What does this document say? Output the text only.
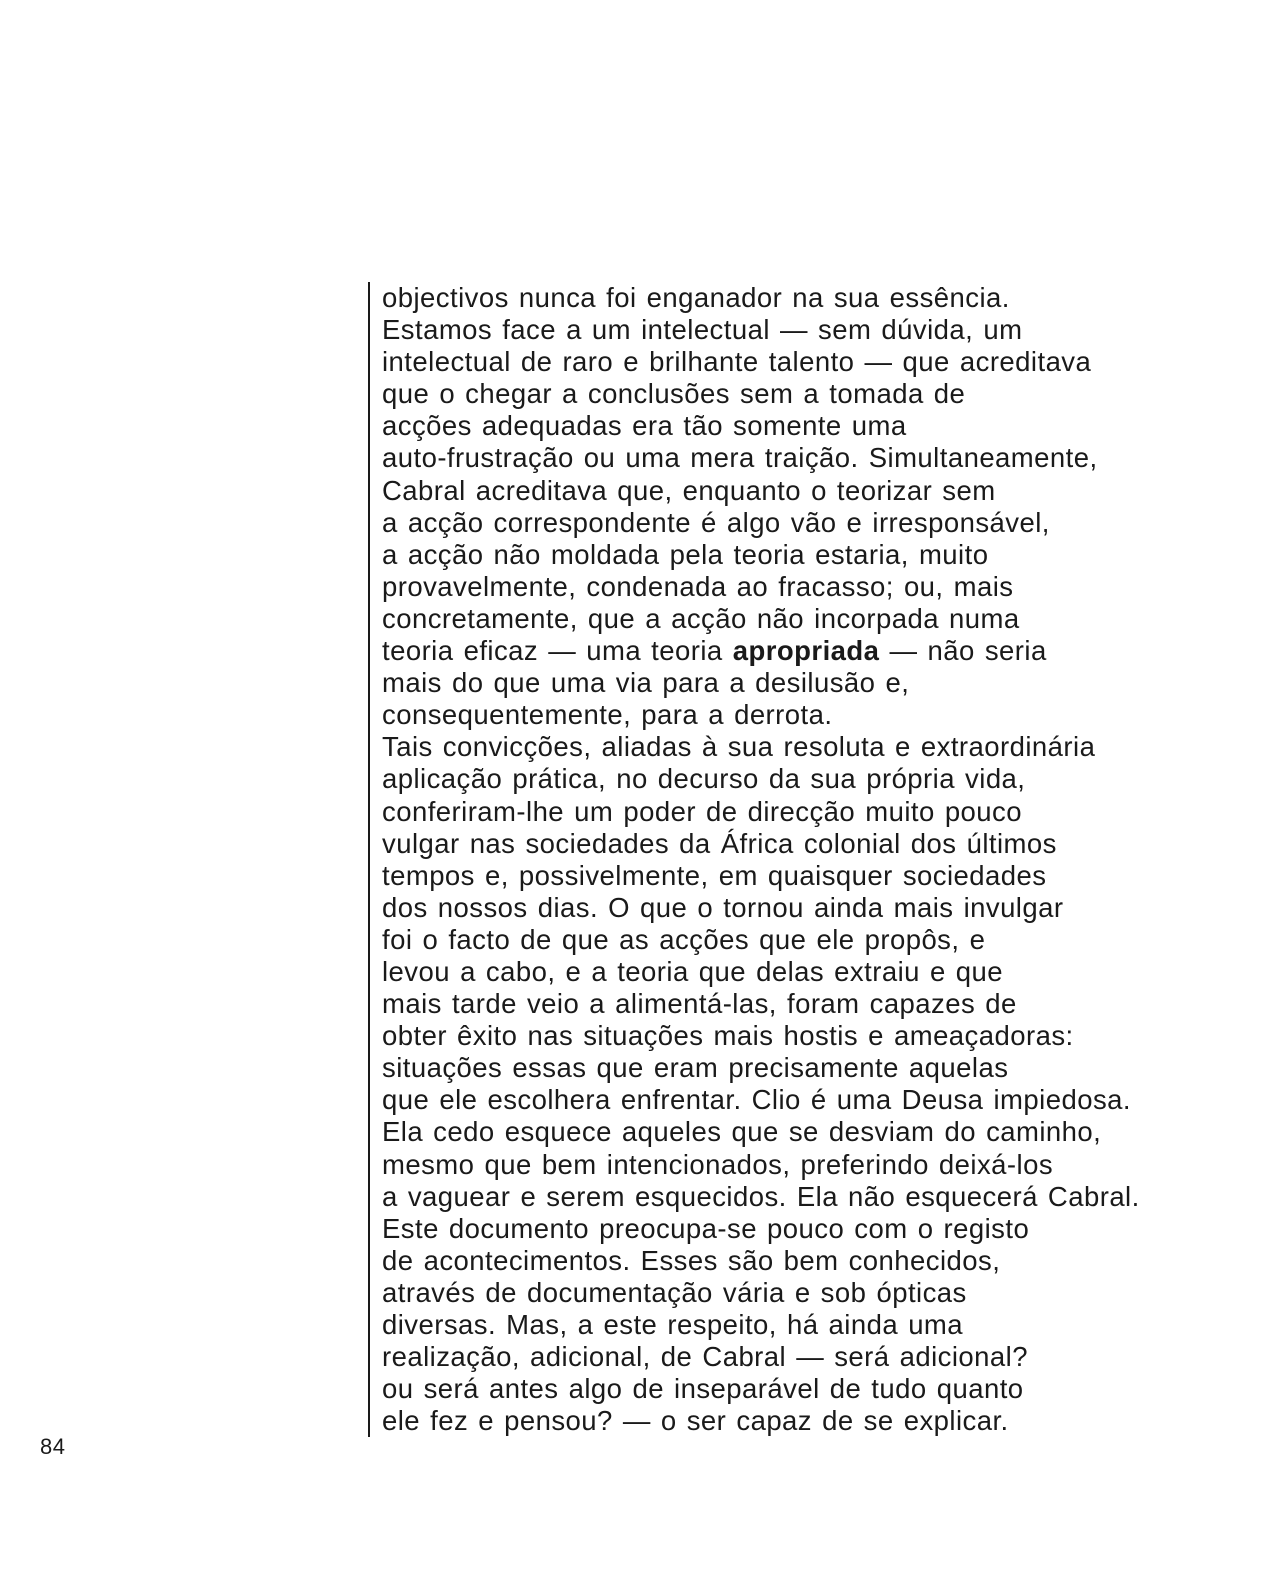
objectivos nunca foi enganador na sua essência.
Estamos face a um intelectual — sem dúvida, um
intelectual de raro e brilhante talento — que acreditava
que o chegar a conclusões sem a tomada de
acções adequadas era tão somente uma
auto-frustração ou uma mera traição. Simultaneamente,
Cabral acreditava que, enquanto o teorizar sem
a acção correspondente é algo vão e irresponsável,
a acção não moldada pela teoria estaria, muito
provavelmente, condenada ao fracasso; ou, mais
concretamente, que a acção não incorpada numa
teoria eficaz — uma teoria apropriada — não seria
mais do que uma via para a desilusão e,
consequentemente, para a derrota.
Tais convicções, aliadas à sua resoluta e extraordinária
aplicação prática, no decurso da sua própria vida,
conferiram-lhe um poder de direcção muito pouco
vulgar nas sociedades da África colonial dos últimos
tempos e, possivelmente, em quaisquer sociedades
dos nossos dias. O que o tornou ainda mais invulgar
foi o facto de que as acções que ele propôs, e
levou a cabo, e a teoria que delas extraiu e que
mais tarde veio a alimentá-las, foram capazes de
obter êxito nas situações mais hostis e ameaçadoras:
situações essas que eram precisamente aquelas
que ele escolhera enfrentar. Clio é uma Deusa impiedosa.
Ela cedo esquece aqueles que se desviam do caminho,
mesmo que bem intencionados, preferindo deixá-los
a vaguear e serem esquecidos. Ela não esquecerá Cabral.
Este documento preocupa-se pouco com o registo
de acontecimentos. Esses são bem conhecidos,
através de documentação vária e sob ópticas
diversas. Mas, a este respeito, há ainda uma
realização, adicional, de Cabral — será adicional?
ou será antes algo de inseparável de tudo quanto
ele fez e pensou? — o ser capaz de se explicar.
84
